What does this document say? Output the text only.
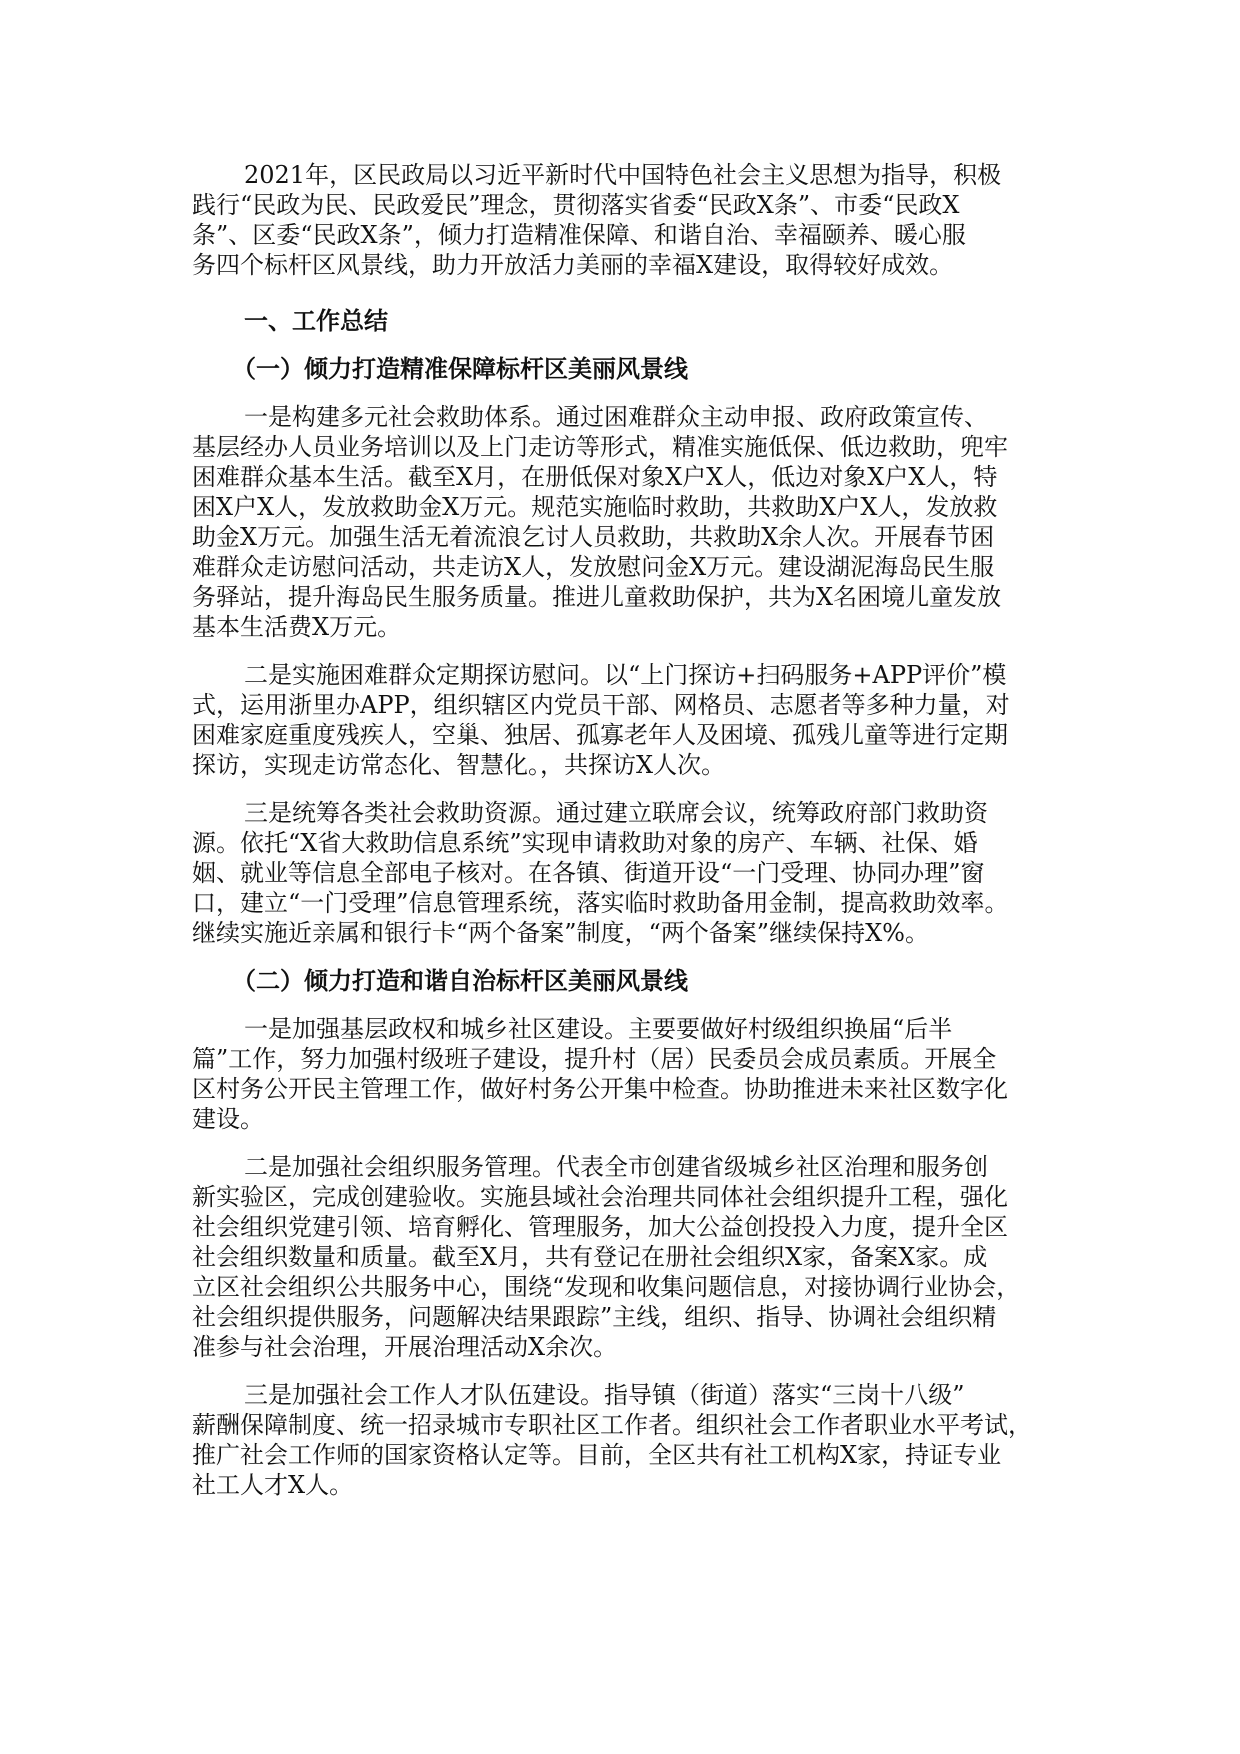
2021年，区民政局以习近平新时代中国特色社会主义思想为指导，积极
践行“民政为民、民政爱民”理念，贯彻落实省委“民政X条”、市委“民政X
条”、区委“民政X条”，倾力打造精准保障、和谐自治、幸福颐养、暖心服
务四个标杆区风景线，助力开放活力美丽的幸福X建设，取得较好成效。
一、工作总结
（一）倾力打造精准保障标杆区美丽风景线
一是构建多元社会救助体系。通过困难群众主动申报、政府政策宣传、
基层经办人员业务培训以及上门走访等形式，精准实施低保、低边救助，兜牢
困难群众基本生活。截至X月，在册低保对象X户X人，低边对象X户X人，特
困X户X人，发放救助金X万元。规范实施临时救助，共救助X户X人，发放救
助金X万元。加强生活无着流浪乞讨人员救助，共救助X余人次。开展春节困
难群众走访慰问活动，共走访X人，发放慰问金X万元。建设湖泥海岛民生服
务驿站，提升海岛民生服务质量。推进儿童救助保护，共为X名困境儿童发放
基本生活费X万元。
二是实施困难群众定期探访慰问。以“上门探访+扫码服务+APP评价”模
式，运用浙里办APP，组织辖区内党员干部、网格员、志愿者等多种力量，对
困难家庭重度残疾人，空巢、独居、孤寡老年人及困境、孤残儿童等进行定期
探访，实现走访常态化、智慧化。，共探访X人次。
三是统筹各类社会救助资源。通过建立联席会议，统筹政府部门救助资
源。依托“X省大救助信息系统”实现申请救助对象的房产、车辆、社保、婚
姻、就业等信息全部电子核对。在各镇、街道开设“一门受理、协同办理”窗
口，建立“一门受理”信息管理系统，落实临时救助备用金制，提高救助效率。
继续实施近亲属和银行卡“两个备案”制度，“两个备案”继续保持X%。
（二）倾力打造和谐自治标杆区美丽风景线
一是加强基层政权和城乡社区建设。主要要做好村级组织换届“后半
篇”工作，努力加强村级班子建设，提升村（居）民委员会成员素质。开展全
区村务公开民主管理工作，做好村务公开集中检查。协助推进未来社区数字化
建设。
二是加强社会组织服务管理。代表全市创建省级城乡社区治理和服务创
新实验区，完成创建验收。实施县域社会治理共同体社会组织提升工程，强化
社会组织党建引领、培育孵化、管理服务，加大公益创投投入力度，提升全区
社会组织数量和质量。截至X月，共有登记在册社会组织X家，备案X家。成
立区社会组织公共服务中心，围绕“发现和收集问题信息，对接协调行业协会，
社会组织提供服务，问题解决结果跟踪”主线，组织、指导、协调社会组织精
准参与社会治理，开展治理活动X余次。
三是加强社会工作人才队伍建设。指导镇（街道）落实“三岗十八级”
薪酬保障制度、统一招录城市专职社区工作者。组织社会工作者职业水平考试，
推广社会工作师的国家资格认定等。目前，全区共有社工机构X家，持证专业
社工人才X人。
